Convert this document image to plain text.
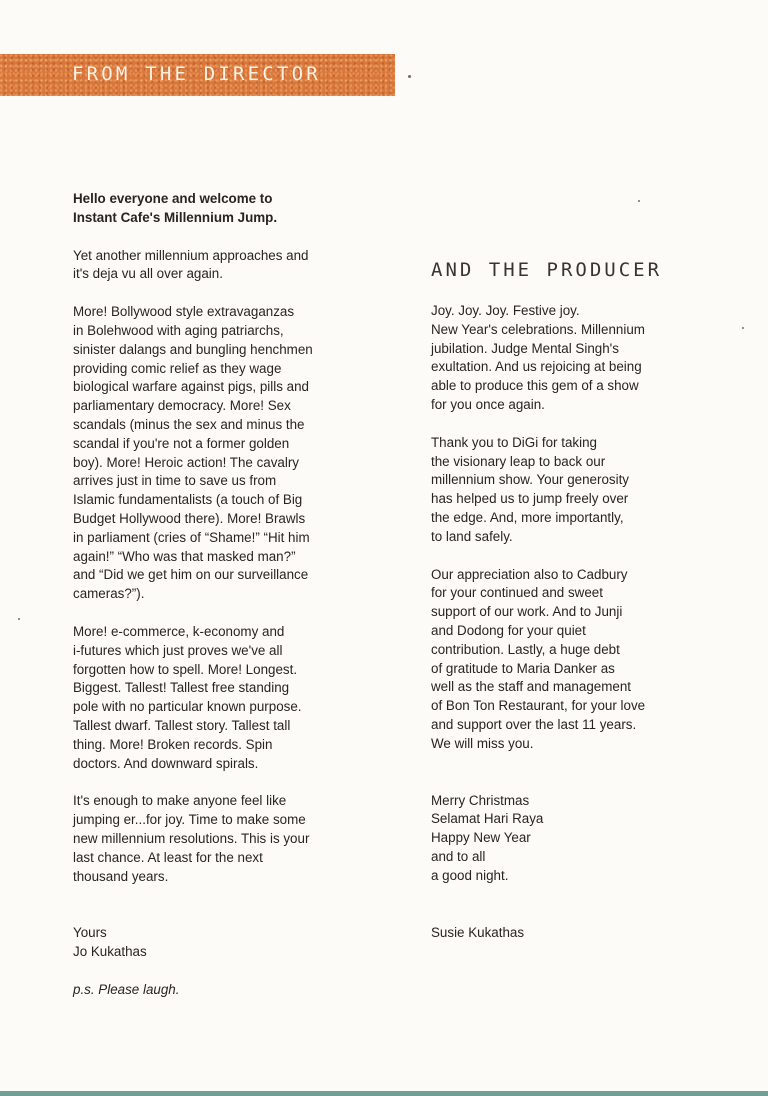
FROM THE DIRECTOR
AND THE PRODUCER
Hello everyone and welcome to
Instant Cafe's Millennium Jump.
Yet another millennium approaches and
it's deja vu all over again.
More! Bollywood style extravaganzas
in Bolehwood with aging patriarchs,
sinister dalangs and bungling henchmen
providing comic relief as they wage
biological warfare against pigs, pills and
parliamentary democracy. More! Sex
scandals (minus the sex and minus the
scandal if you're not a former golden
boy). More! Heroic action! The cavalry
arrives just in time to save us from
Islamic fundamentalists (a touch of Big
Budget Hollywood there). More! Brawls
in parliament (cries of “Shame!” “Hit him
again!” “Who was that masked man?”
and “Did we get him on our surveillance
cameras?”).
More! e-commerce, k-economy and
i-futures which just proves we've all
forgotten how to spell. More! Longest.
Biggest. Tallest! Tallest free standing
pole with no particular known purpose.
Tallest dwarf. Tallest story. Tallest tall
thing. More! Broken records. Spin
doctors. And downward spirals.
It's enough to make anyone feel like
jumping er...for joy. Time to make some
new millennium resolutions. This is your
last chance. At least for the next
thousand years.
Yours
Jo Kukathas
p.s. Please laugh.
Joy. Joy. Joy. Festive joy.
New Year's celebrations. Millennium
jubilation. Judge Mental Singh's
exultation. And us rejoicing at being
able to produce this gem of a show
for you once again.
Thank you to DiGi for taking
the visionary leap to back our
millennium show. Your generosity
has helped us to jump freely over
the edge. And, more importantly,
to land safely.
Our appreciation also to Cadbury
for your continued and sweet
support of our work. And to Junji
and Dodong for your quiet
contribution. Lastly, a huge debt
of gratitude to Maria Danker as
well as the staff and management
of Bon Ton Restaurant, for your love
and support over the last 11 years.
We will miss you.
Merry Christmas
Selamat Hari Raya
Happy New Year
and to all
a good night.
Susie Kukathas
